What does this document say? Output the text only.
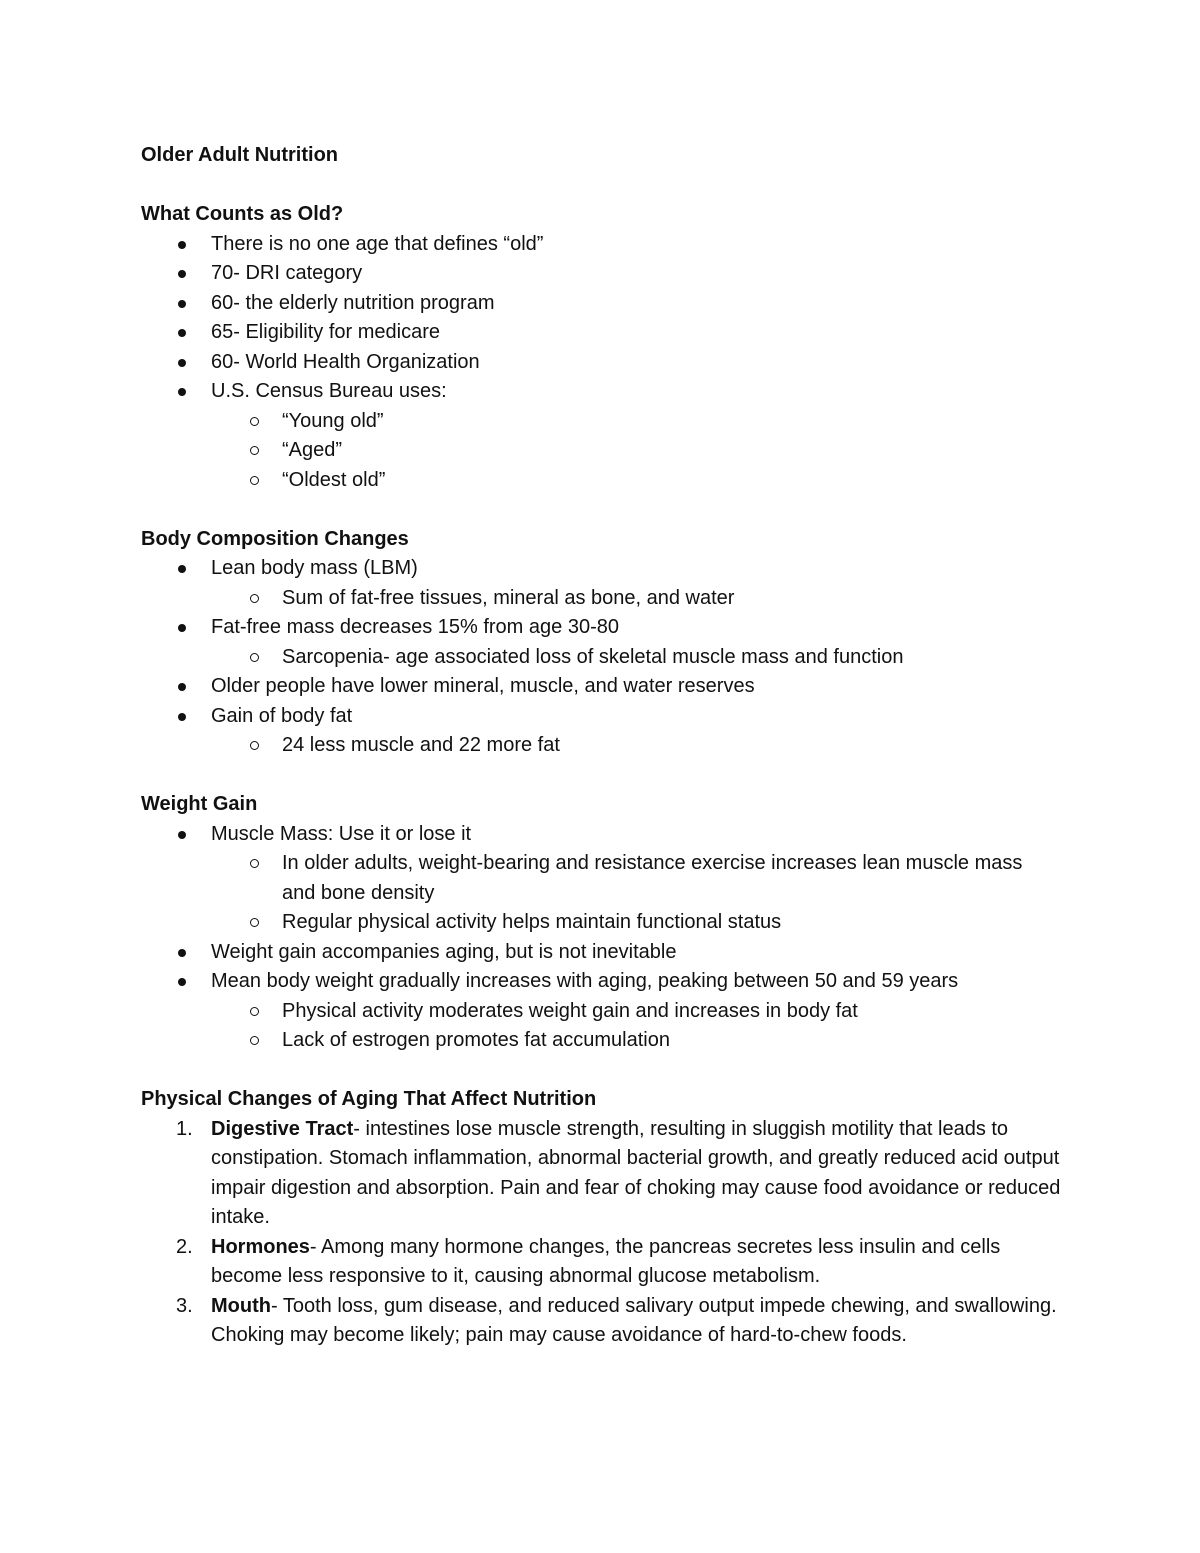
Older Adult Nutrition
What Counts as Old?
There is no one age that defines “old”
70- DRI category
60- the elderly nutrition program
65- Eligibility for medicare
60- World Health Organization
U.S. Census Bureau uses:
“Young old”
“Aged”
“Oldest old”
Body Composition Changes
Lean body mass (LBM)
Sum of fat-free tissues, mineral as bone, and water
Fat-free mass decreases 15% from age 30-80
Sarcopenia- age associated loss of skeletal muscle mass and function
Older people have lower mineral, muscle, and water reserves
Gain of body fat
24 less muscle and 22 more fat
Weight Gain
Muscle Mass: Use it or lose it
In older adults, weight-bearing and resistance exercise increases lean muscle mass and bone density
Regular physical activity helps maintain functional status
Weight gain accompanies aging, but is not inevitable
Mean body weight gradually increases with aging, peaking between 50 and 59 years
Physical activity moderates weight gain and increases in body fat
Lack of estrogen promotes fat accumulation
Physical Changes of Aging That Affect Nutrition
1. Digestive Tract- intestines lose muscle strength, resulting in sluggish motility that leads to constipation. Stomach inflammation, abnormal bacterial growth, and greatly reduced acid output impair digestion and absorption. Pain and fear of choking may cause food avoidance or reduced intake.
2. Hormones- Among many hormone changes, the pancreas secretes less insulin and cells become less responsive to it, causing abnormal glucose metabolism.
3. Mouth- Tooth loss, gum disease, and reduced salivary output impede chewing, and swallowing. Choking may become likely; pain may cause avoidance of hard-to-chew foods.
